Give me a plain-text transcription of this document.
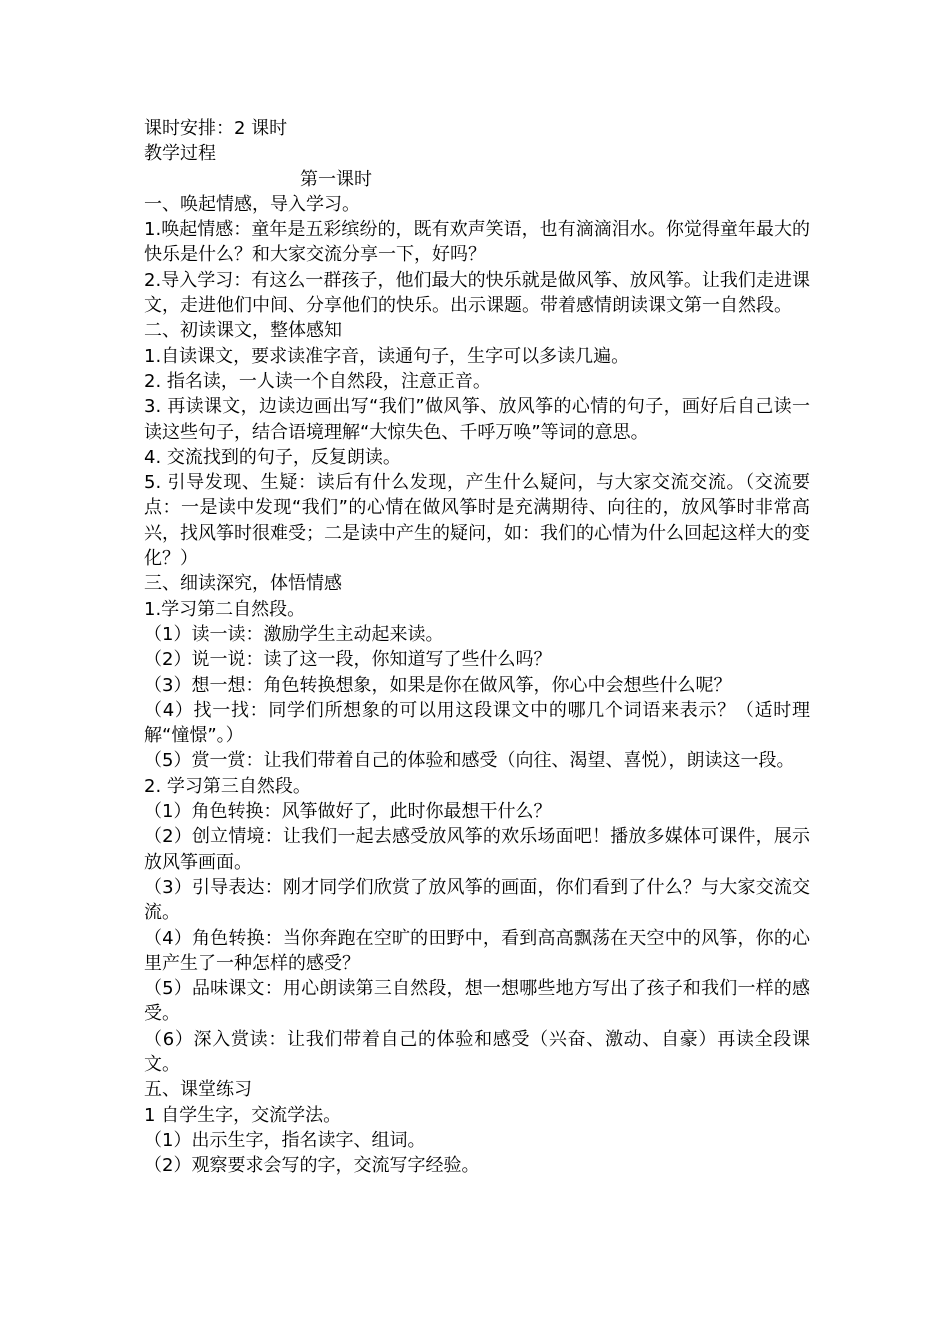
课时安排：2 课时

教学过程

第一课时

一、唤起情感，导入学习。

1.唤起情感：童年是五彩缤纷的，既有欢声笑语，也有滴滴泪水。你觉得童年最大的快乐是什么？和大家交流分享一下，好吗？

2.导入学习：有这么一群孩子，他们最大的快乐就是做风筝、放风筝。让我们走进课文，走进他们中间、分享他们的快乐。出示课题。带着感情朗读课文第一自然段。

二、初读课文，整体感知

1.自读课文，要求读准字音，读通句子，生字可以多读几遍。

2. 指名读，一人读一个自然段，注意正音。

3. 再读课文，边读边画出写“我们”做风筝、放风筝的心情的句子，画好后自己读一读这些句子，结合语境理解“大惊失色、千呼万唤”等词的意思。

4. 交流找到的句子，反复朗读。

5. 引导发现、生疑：读后有什么发现，产生什么疑问，与大家交流交流。（交流要点：一是读中发现“我们”的心情在做风筝时是充满期待、向往的，放风筝时非常高兴，找风筝时很难受；二是读中产生的疑问，如：我们的心情为什么回起这样大的变化？）

三、细读深究，体悟情感

1.学习第二自然段。

（1）读一读：激励学生主动起来读。

（2）说一说：读了这一段，你知道写了些什么吗？

（3）想一想：角色转换想象，如果是你在做风筝，你心中会想些什么呢？

（4）找一找：同学们所想象的可以用这段课文中的哪几个词语来表示？（适时理解“憧憬”。）

（5）赏一赏：让我们带着自己的体验和感受（向往、渴望、喜悦），朗读这一段。

2. 学习第三自然段。

（1）角色转换：风筝做好了，此时你最想干什么？

（2）创立情境：让我们一起去感受放风筝的欢乐场面吧！播放多媒体可课件，展示放风筝画面。

（3）引导表达：刚才同学们欣赏了放风筝的画面，你们看到了什么？与大家交流交流。

（4）角色转换：当你奔跑在空旷的田野中，看到高高飘荡在天空中的风筝，你的心里产生了一种怎样的感受？

（5）品味课文：用心朗读第三自然段，想一想哪些地方写出了孩子和我们一样的感受。

（6）深入赏读：让我们带着自己的体验和感受（兴奋、激动、自豪）再读全段课文。

五、课堂练习

1 自学生字，交流学法。

（1）出示生字，指名读字、组词。

（2）观察要求会写的字，交流写字经验。
